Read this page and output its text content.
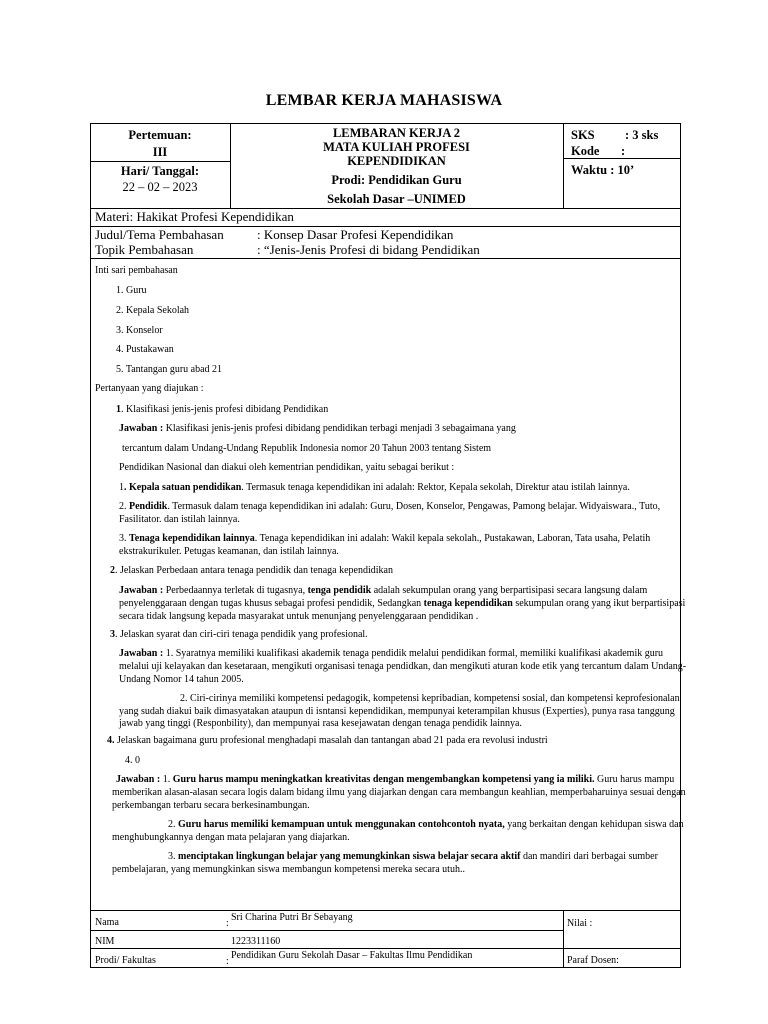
LEMBAR KERJA MAHASISWA
Pertemuan:
III
Hari/ Tanggal:
22 – 02 – 2023
LEMBARAN KERJA 2
MATA KULIAH PROFESI
KEPENDIDIKAN
Prodi: Pendidikan Guru
Sekolah Dasar –UNIMED
SKS : 3 sks
Kode :
Waktu : 10’
Materi: Hakikat Profesi Kependidikan
Judul/Tema Pembahasan	: Konsep Dasar Profesi Kependidikan
Topik Pembahasan	: “Jenis-Jenis Profesi di bidang Pendidikan
Inti sari pembahasan
1. Guru
2. Kepala Sekolah
3. Konselor
4. Pustakawan
5. Tantangan guru abad 21
Pertanyaan yang diajukan :
1. Klasifikasi jenis-jenis profesi dibidang Pendidikan
Jawaban : Klasifikasi jenis-jenis profesi dibidang pendidikan terbagi menjadi 3 sebagaimana yang
tercantum dalam Undang-Undang Republik Indonesia nomor 20 Tahun 2003 tentang Sistem
Pendidikan Nasional dan diakui oleh kementrian pendidikan, yaitu sebagai berikut :
1. Kepala satuan pendidikan. Termasuk tenaga kependidikan ini adalah: Rektor, Kepala sekolah, Direktur atau istilah lainnya.
2. Pendidik. Termasuk dalam tenaga kependidikan ini adalah: Guru, Dosen, Konselor, Pengawas, Pamong belajar. Widyaiswara., Tuto,
Fasilitator. dan istilah lainnya.
3. Tenaga kependidikan lainnya. Tenaga kependidikan ini adalah: Wakil kepala sekolah., Pustakawan, Laboran, Tata usaha, Pelatih
ekstrakurikuler. Petugas keamanan, dan istilah lainnya.
2. Jelaskan Perbedaan antara tenaga pendidik dan tenaga kependidikan
Jawaban : Perbedaannya terletak di tugasnya, tenga pendidik adalah sekumpulan orang yang berpartisipasi secara langsung dalam
penyelenggaraan dengan tugas khusus sebagai profesi pendidik, Sedangkan tenaga kependidikan sekumpulan orang yang ikut berpartisipasi
secara tidak langsung kepada masyarakat untuk menunjang penyelenggaraan pendidikan .
3. Jelaskan syarat dan ciri-ciri tenaga pendidik yang profesional.
Jawaban : 1. Syaratnya memiliki kualifikasi akademik tenaga pendidik melalui pendidikan formal, memiliki kualifikasi akademik guru
melalui uji kelayakan dan kesetaraan, mengikuti organisasi tenaga pendidkan, dan mengikuti aturan kode etik yang tercantum dalam Undang-
Undang Nomor 14 tahun 2005.
2. Ciri-cirinya memiliki kompetensi pedagogik, kompetensi kepribadian, kompetensi sosial, dan kompetensi keprofesionalan
yang sudah diakui baik dimasyatakan ataupun di isntansi kependidikan, mempunyai keterampilan khusus (Experties), punya rasa tanggung
jawab yang tinggi (Responbility), dan mempunyai rasa kesejawatan dengan tenaga pendidik lainnya.
4. Jelaskan bagaimana guru profesional menghadapi masalah dan tantangan abad 21 pada era revolusi industri
4. 0
Jawaban : 1. Guru harus mampu meningkatkan kreativitas dengan mengembangkan kompetensi yang ia miliki. Guru harus mampu
memberikan alasan-alasan secara logis dalam bidang ilmu yang diajarkan dengan cara membangun keahlian, memperbaharuinya sesuai dengan
perkembangan terbaru secara berkesinambungan.
2. Guru harus memiliki kemampuan untuk menggunakan contohcontoh nyata, yang berkaitan dengan kehidupan siswa dan
menghubungkannya dengan mata pelajaran yang diajarkan.
3. menciptakan lingkungan belajar yang memungkinkan siswa belajar secara aktif dan mandiri dari berbagai sumber
pembelajaran, yang memungkinkan siswa membangun kompetensi mereka secara utuh..
Nama	:
Sri Charina Putri Br Sebayang
NIM	1223311160
Prodi/ Fakultas	:
Pendidikan Guru Sekolah Dasar – Fakultas Ilmu Pendidikan
Nilai :
Paraf Dosen:
